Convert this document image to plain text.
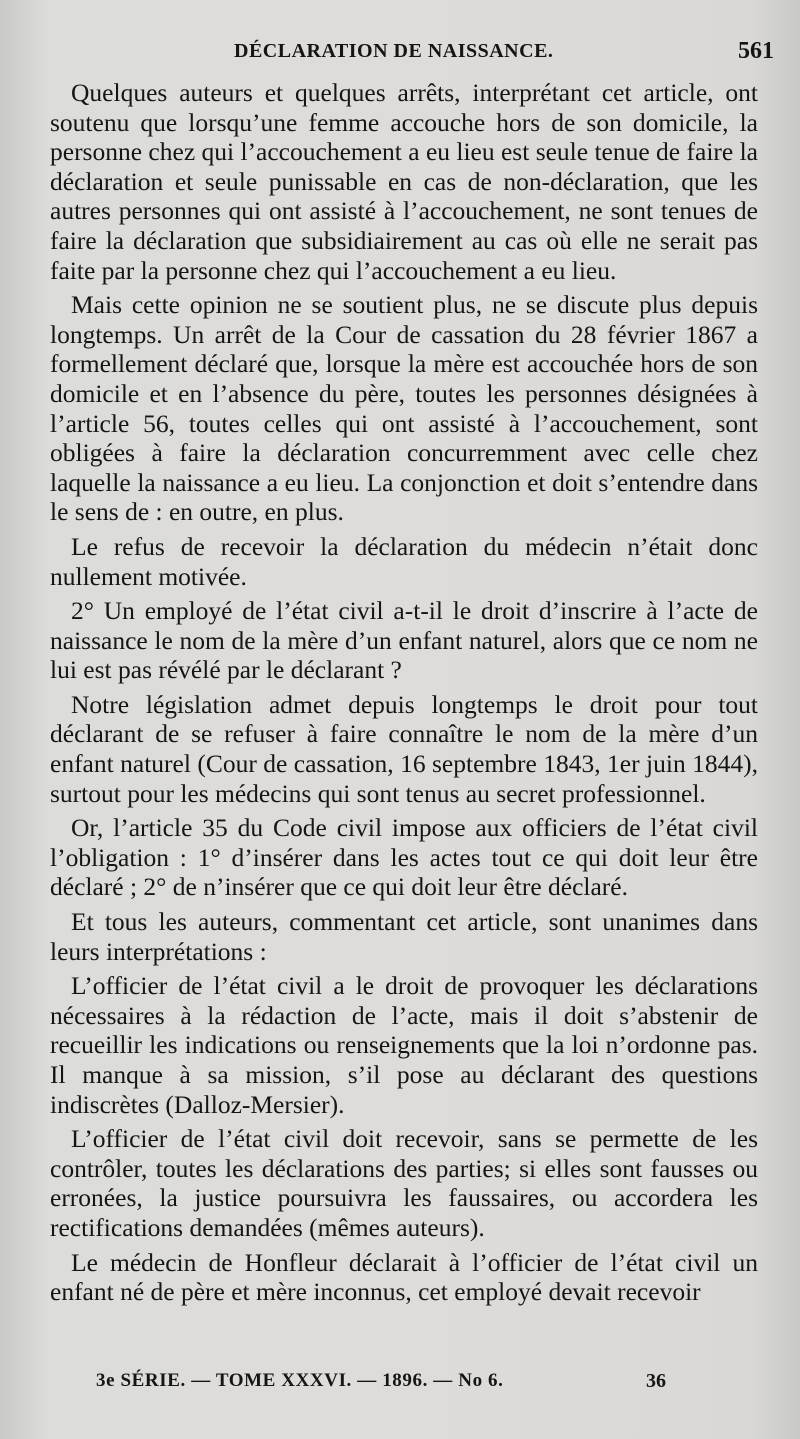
DÉCLARATION DE NAISSANCE.	561

Quelques auteurs et quelques arrêts, interprétant cet article, ont soutenu que lorsqu’une femme accouche hors de son domicile, la personne chez qui l’accouchement a eu lieu est seule tenue de faire la déclaration et seule punissable en cas de non-déclaration, que les autres personnes qui ont assisté à l’accouchement, ne sont tenues de faire la déclaration que subsidiairement au cas où elle ne serait pas faite par la personne chez qui l’accouchement a eu lieu.

Mais cette opinion ne se soutient plus, ne se discute plus depuis longtemps. Un arrêt de la Cour de cassation du 28 février 1867 a formellement déclaré que, lorsque la mère est accouchée hors de son domicile et en l’absence du père, toutes les personnes désignées à l’article 56, toutes celles qui ont assisté à l’accouchement, sont obligées à faire la déclaration concurremment avec celle chez laquelle la naissance a eu lieu. La conjonction et doit s’entendre dans le sens de : en outre, en plus.

Le refus de recevoir la déclaration du médecin n’était donc nullement motivée.

2° Un employé de l’état civil a-t-il le droit d’inscrire à l’acte de naissance le nom de la mère d’un enfant naturel, alors que ce nom ne lui est pas révélé par le déclarant ?

Notre législation admet depuis longtemps le droit pour tout déclarant de se refuser à faire connaître le nom de la mère d’un enfant naturel (Cour de cassation, 16 septembre 1843, 1er juin 1844), surtout pour les médecins qui sont tenus au secret professionnel.

Or, l’article 35 du Code civil impose aux officiers de l’état civil l’obligation : 1° d’insérer dans les actes tout ce qui doit leur être déclaré ; 2° de n’insérer que ce qui doit leur être déclaré.

Et tous les auteurs, commentant cet article, sont unanimes dans leurs interprétations :

L’officier de l’état civil a le droit de provoquer les déclarations nécessaires à la rédaction de l’acte, mais il doit s’abstenir de recueillir les indications ou renseignements que la loi n’ordonne pas. Il manque à sa mission, s’il pose au déclarant des questions indiscrètes (Dalloz-Mersier).

L’officier de l’état civil doit recevoir, sans se permette de les contrôler, toutes les déclarations des parties; si elles sont fausses ou erronées, la justice poursuivra les faussaires, ou accordera les rectifications demandées (mêmes auteurs).

Le médecin de Honfleur déclarait à l’officier de l’état civil un enfant né de père et mère inconnus, cet employé devait recevoir

3e SÉRIE. — TOME XXXVI. — 1896. — No 6.	36
